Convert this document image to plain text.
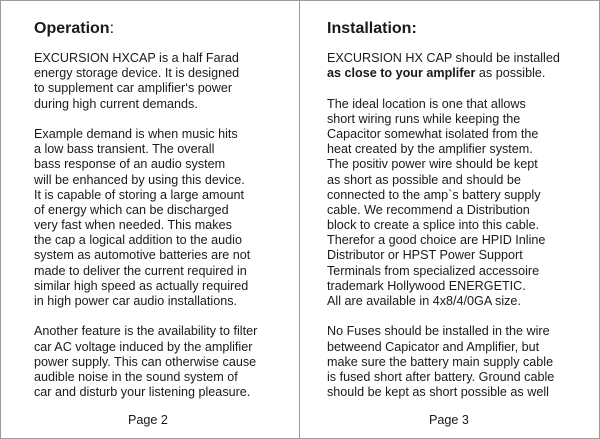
Operation:

EXCURSION HXCAP is a half Farad
energy storage device. It is designed
to supplement car amplifier‘s power
during high current demands.

Example demand is when music hits
a low bass transient. The overall
bass response of an audio system
will be enhanced by using this device.
It is capable of storing a large amount
of energy which can be discharged
very fast when needed. This makes
the cap a logical addition to the audio
system as automotive batteries are not
made to deliver the current required in
similar high speed as actually required
in high power car audio installations.

Another feature is the availability to filter
car AC voltage induced by the amplifier
power supply. This can otherwise cause
audible noise in the sound system of
car and disturb your listening pleasure.

Page 2
Installation:

EXCURSION HX CAP should be installed
as close to your amplifer as possible.

The ideal location is one that allows
short wiring runs while keeping the
Capacitor somewhat isolated from the
heat created by the amplifier system.
The positiv power wire should be kept
as short as possible and should be
connected to the amp`s battery supply
cable. We recommend a Distribution
block to create a splice into this cable.
Therefor a good choice are HPID Inline
Distributor or HPST Power Support
Terminals from specialized accessoire
trademark Hollywood ENERGETIC.
All are available in 4x8/4/0GA size.

No Fuses should be installed in the wire
betweend Capicator and Amplifier, but
make sure the battery main supply cable
is fused short after battery. Ground cable
should be kept as short possible as well

Page 3
